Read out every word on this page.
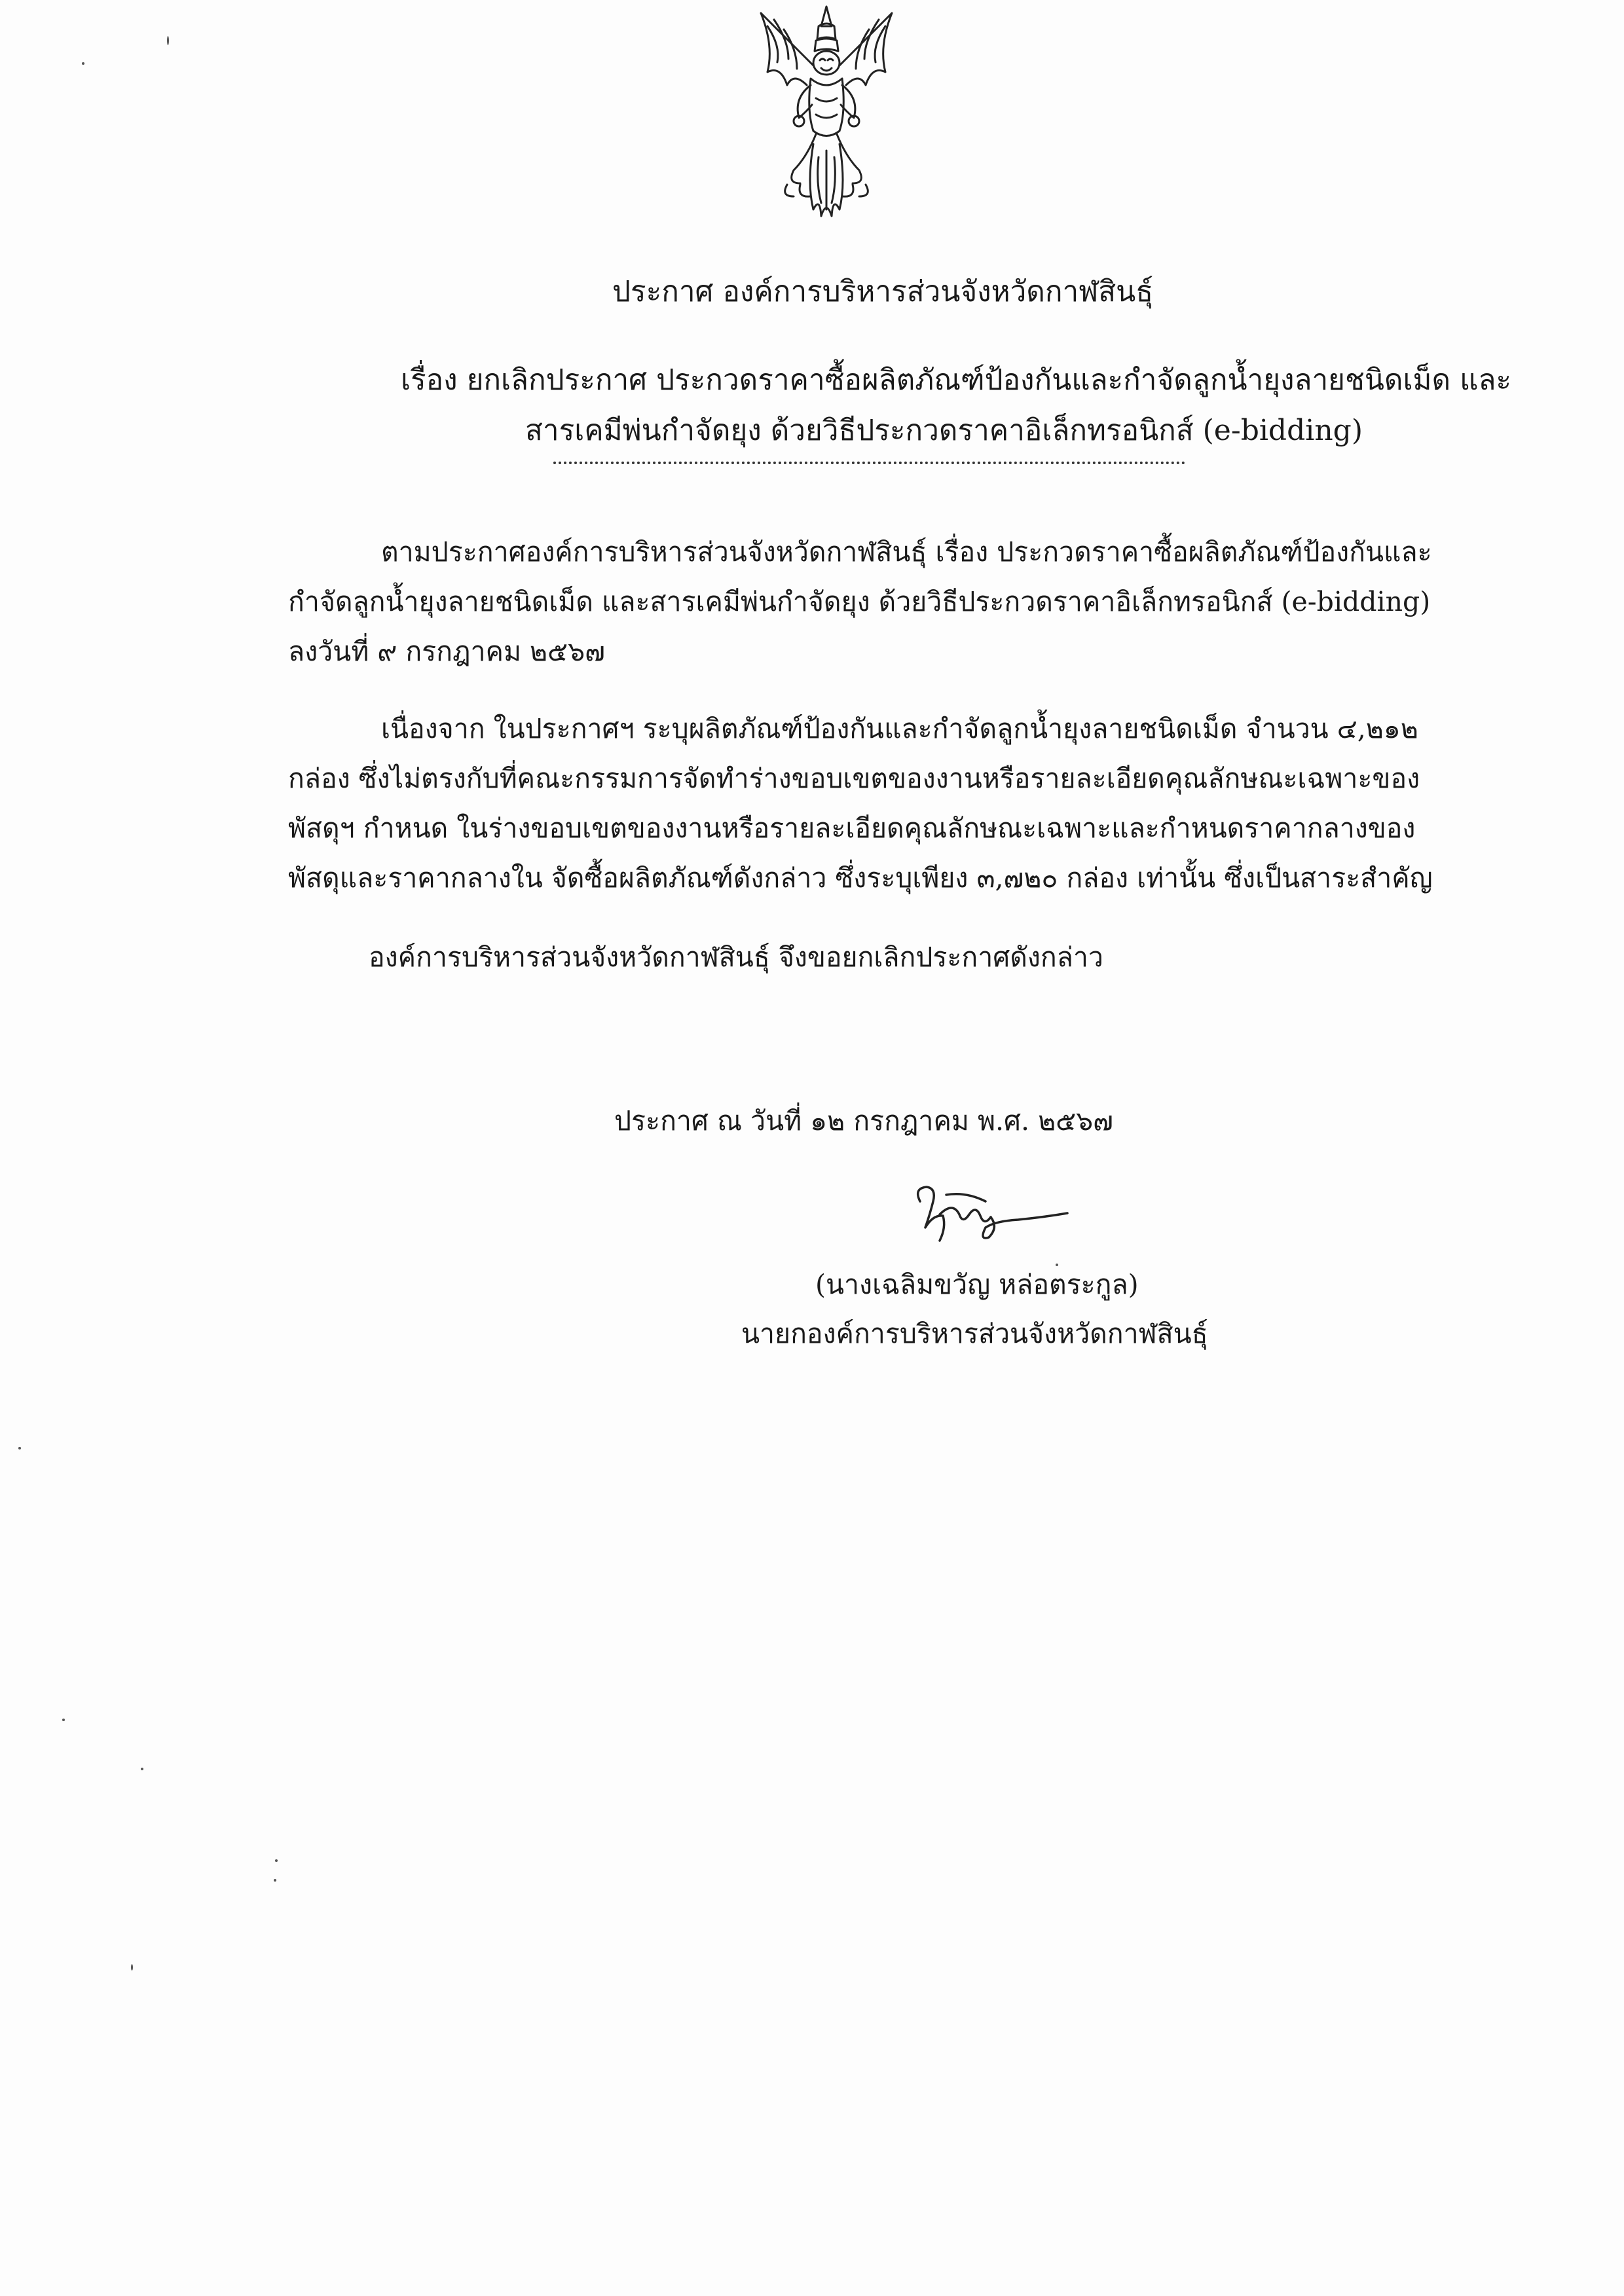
ประกาศ องค์การบริหารส่วนจังหวัดกาฬสินธุ์
เรื่อง ยกเลิกประกาศ ประกวดราคาซื้อผลิตภัณฑ์ป้องกันและกำจัดลูกน้ำยุงลายชนิดเม็ด และ
สารเคมีพ่นกำจัดยุง ด้วยวิธีประกวดราคาอิเล็กทรอนิกส์ (e-bidding)
ตามประกาศองค์การบริหารส่วนจังหวัดกาฬสินธุ์ เรื่อง ประกวดราคาซื้อผลิตภัณฑ์ป้องกันและกำจัดลูกน้ำยุงลายชนิดเม็ด และสารเคมีพ่นกำจัดยุง ด้วยวิธีประกวดราคาอิเล็กทรอนิกส์ (e-bidding) ลงวันที่ ๙ กรกฎาคม ๒๕๖๗
เนื่องจาก ในประกาศฯ ระบุผลิตภัณฑ์ป้องกันและกำจัดลูกน้ำยุงลายชนิดเม็ด จำนวน ๔,๒๑๒ กล่อง ซึ่งไม่ตรงกับที่คณะกรรมการจัดทำร่างขอบเขตของงานหรือรายละเอียดคุณลักษณะเฉพาะของพัสดุฯ กำหนด ในร่างขอบเขตของงานหรือรายละเอียดคุณลักษณะเฉพาะและกำหนดราคากลางของพัสดุและราคากลางใน จัดซื้อผลิตภัณฑ์ดังกล่าว ซึ่งระบุเพียง ๓,๗๒๐ กล่อง เท่านั้น ซึ่งเป็นสาระสำคัญ
องค์การบริหารส่วนจังหวัดกาฬสินธุ์ จึงขอยกเลิกประกาศดังกล่าว
ประกาศ ณ วันที่ ๑๒ กรกฎาคม พ.ศ. ๒๕๖๗
(นางเฉลิมขวัญ หล่อตระกูล)
นายกองค์การบริหารส่วนจังหวัดกาฬสินธุ์
